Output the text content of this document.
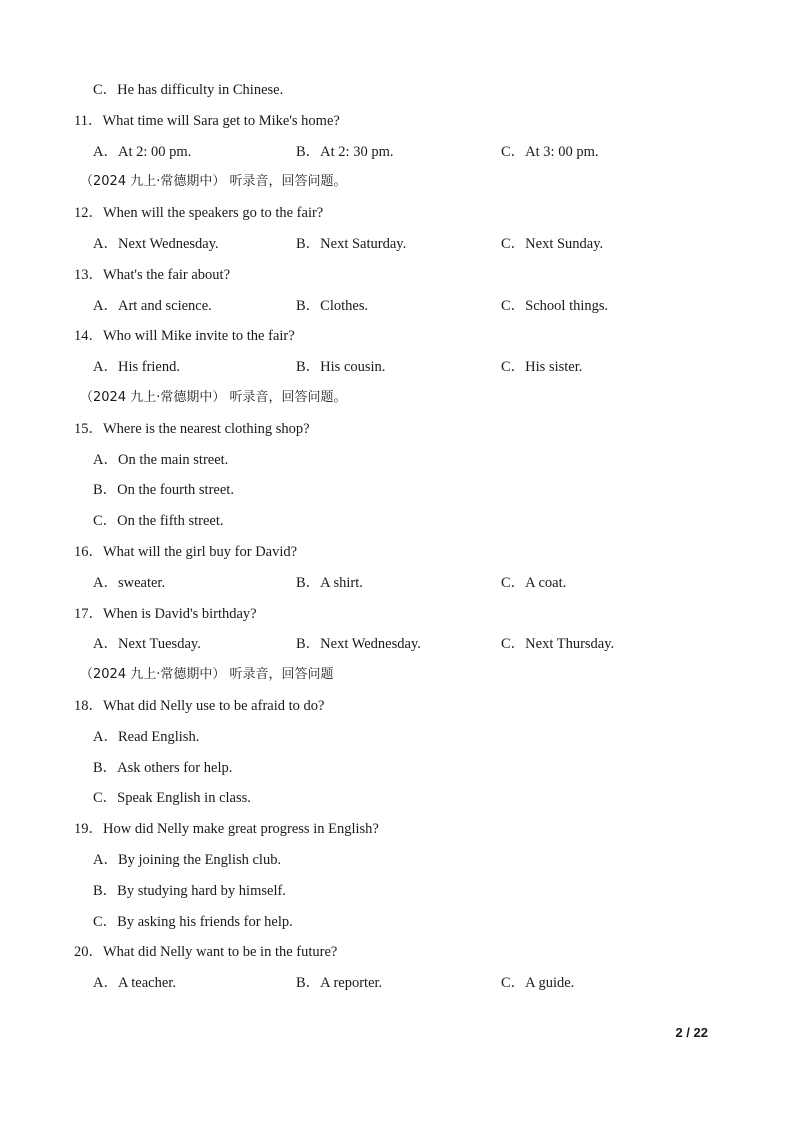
C．He has difficulty in Chinese.
11．What time will Sara get to Mike's home?
A．At 2: 00 pm.	B．At 2: 30 pm.	C．At 3: 00 pm.
（2024 九上·常德期中） 听录音，回答问题。
12．When will the speakers go to the fair?
A．Next Wednesday.	B．Next Saturday.	C．Next Sunday.
13．What's the fair about?
A．Art and science.	B．Clothes.	C．School things.
14．Who will Mike invite to the fair?
A．His friend.	B．His cousin.	C．His sister.
（2024 九上·常德期中） 听录音，回答问题。
15．Where is the nearest clothing shop?
A．On the main street.
B．On the fourth street.
C．On the fifth street.
16．What will the girl buy for David?
A．sweater.	B．A shirt.	C．A coat.
17．When is David's birthday?
A．Next Tuesday.	B．Next Wednesday.	C．Next Thursday.
（2024 九上·常德期中） 听录音，回答问题
18．What did Nelly use to be afraid to do?
A．Read English.
B．Ask others for help.
C．Speak English in class.
19．How did Nelly make great progress in English?
A．By joining the English club.
B．By studying hard by himself.
C．By asking his friends for help.
20．What did Nelly want to be in the future?
A．A teacher.	B．A reporter.	C．A guide.
2 / 22
